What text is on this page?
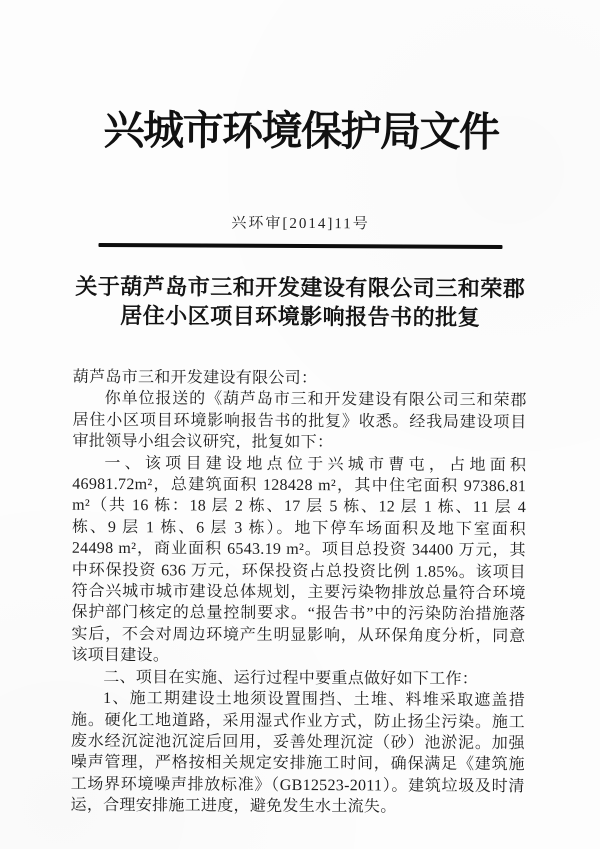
兴城市环境保护局文件
兴环审[2014]11号
关于葫芦岛市三和开发建设有限公司三和荣郡
居住小区项目环境影响报告书的批复

葫芦岛市三和开发建设有限公司：

你单位报送的《葫芦岛市三和开发建设有限公司三和荣郡居住小区项目环境影响报告书的批复》收悉。经我局建设项目审批领导小组会议研究，批复如下：

一、该项目建设地点位于兴城市曹屯，占地面积 46981.72m²，总建筑面积 128428 m²，其中住宅面积 97386.81 m²（共 16 栋：18 层 2 栋、17 层 5 栋、12 层 1 栋、11 层 4 栋、9 层 1 栋、6 层 3 栋）。地下停车场面积及地下室面积 24498 m²，商业面积 6543.19 m²。项目总投资 34400 万元，其中环保投资 636 万元，环保投资占总投资比例 1.85%。该项目符合兴城市城市建设总体规划，主要污染物排放总量符合环境保护部门核定的总量控制要求。“报告书”中的污染防治措施落实后，不会对周边环境产生明显影响，从环保角度分析，同意该项目建设。

二、项目在实施、运行过程中要重点做好如下工作：

1、施工期建设土地须设置围挡、土堆、料堆采取遮盖措施。硬化工地道路，采用湿式作业方式，防止扬尘污染。施工废水经沉淀池沉淀后回用，妥善处理沉淀（砂）池淤泥。加强噪声管理，严格按相关规定安排施工时间，确保满足《建筑施工场界环境噪声排放标准》（GB12523-2011）。建筑垃圾及时清运，合理安排施工进度，避免发生水土流失。
